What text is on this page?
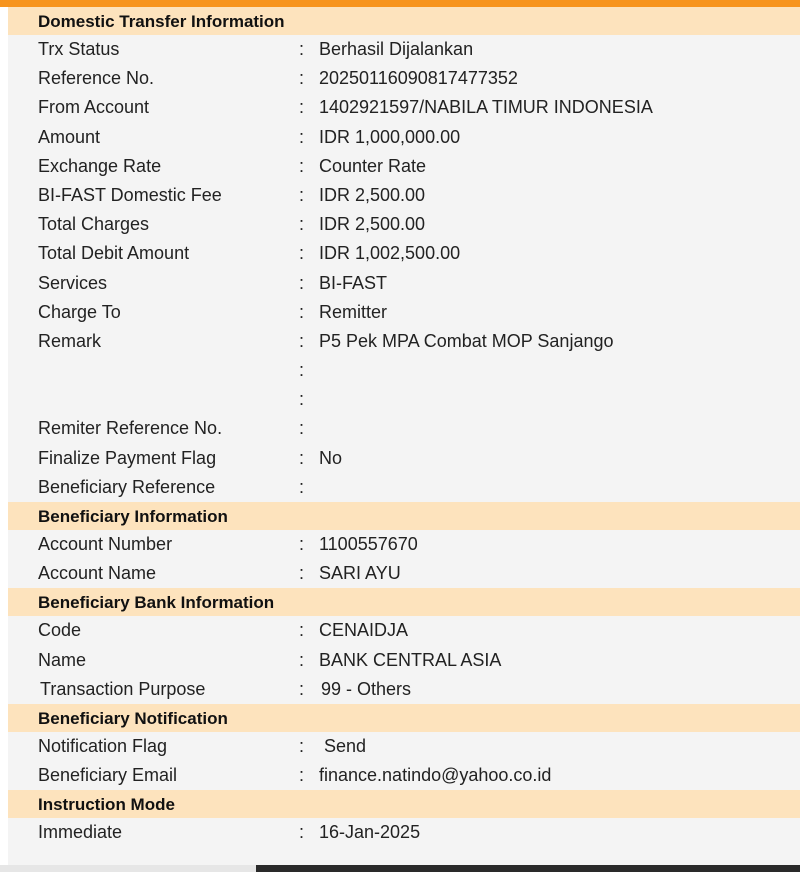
Domestic Transfer Information
Trx Status	: Berhasil Dijalankan
Reference No.	: 20250116090817477352
From Account	: 1402921597/NABILA TIMUR INDONESIA
Amount	: IDR 1,000,000.00
Exchange Rate	: Counter Rate
BI-FAST Domestic Fee	: IDR 2,500.00
Total Charges	: IDR 2,500.00
Total Debit Amount	: IDR 1,002,500.00
Services	: BI-FAST
Charge To	: Remitter
Remark	: P5 Pek MPA Combat MOP Sanjango
:
:
Remiter Reference No.	:
Finalize Payment Flag	: No
Beneficiary Reference	:
Beneficiary Information
Account Number	: 1100557670
Account Name	: SARI AYU
Beneficiary Bank Information
Code	: CENAIDJA
Name	: BANK CENTRAL ASIA
Transaction Purpose	: 99 - Others
Beneficiary Notification
Notification Flag	: Send
Beneficiary Email	: finance.natindo@yahoo.co.id
Instruction Mode
Immediate	: 16-Jan-2025
